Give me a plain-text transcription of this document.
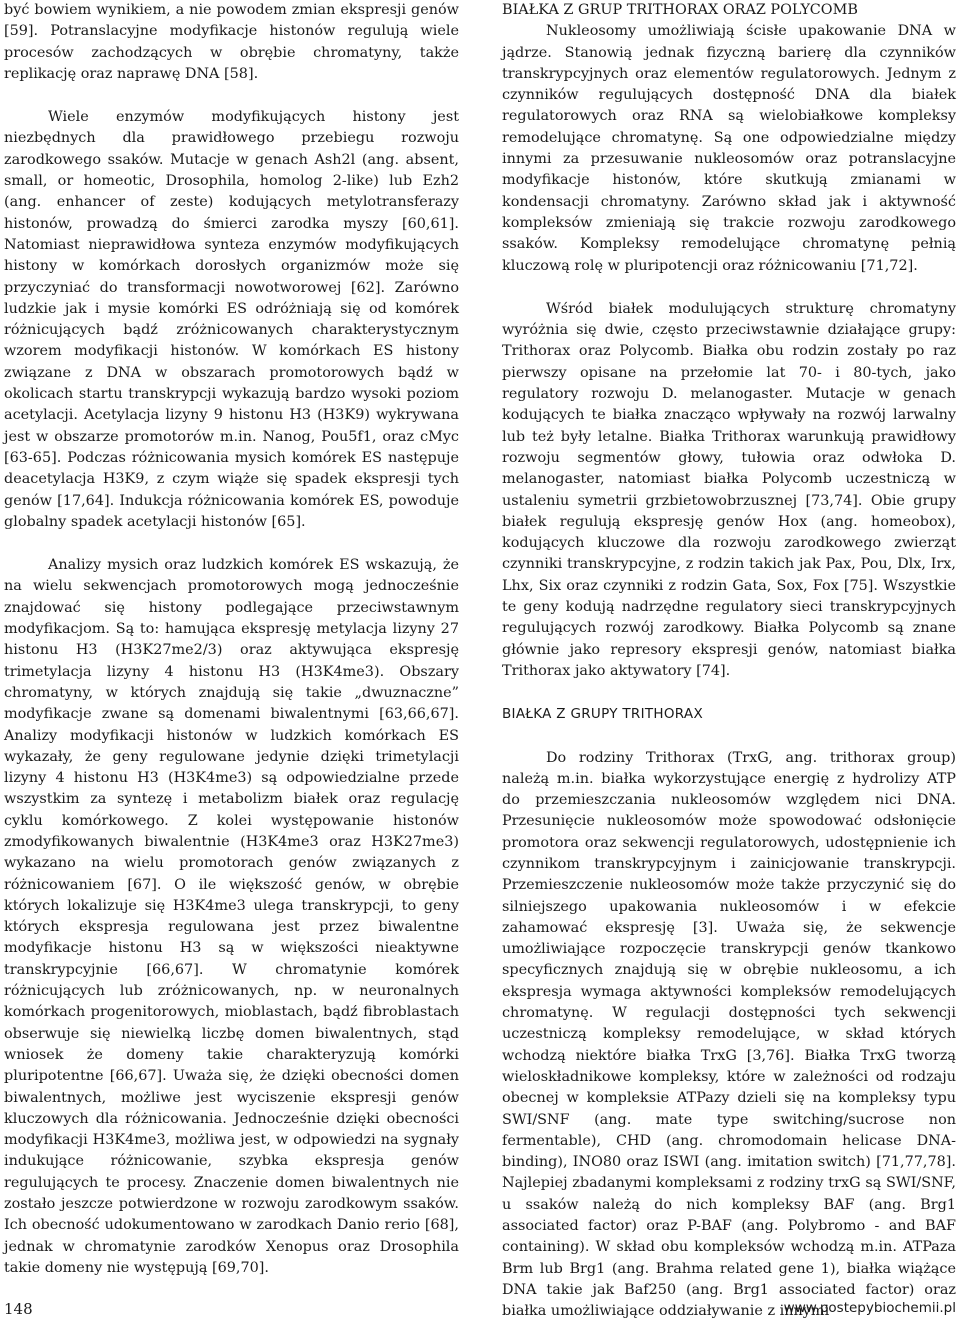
być bowiem wynikiem, a nie powodem zmian ekspresji genów [59]. Potranslacyjne modyfikacje histonów regulują wiele procesów zachodzących w obrębie chromatyny, także replikację oraz naprawę DNA [58].

Wiele enzymów modyfikujących histony jest niezbędnych dla prawidłowego przebiegu rozwoju zarodkowego ssaków. Mutacje w genach Ash2l (ang. absent, small, or homeotic, Drosophila, homolog 2-like) lub Ezh2 (ang. enhancer of zeste) kodujących metylotransferazy histonów, prowadzą do śmierci zarodka myszy [60,61]. Natomiast nieprawidłowa synteza enzymów modyfikujących histony w komórkach dorosłych organizmów może się przyczyniać do transformacji nowotworowej [62]. Zarówno ludzkie jak i mysie komórki ES odróżniają się od komórek różnicujących bądź zróżnicowanych charakterystycznym wzorem modyfikacji histonów. W komórkach ES histony związane z DNA w obszarach promotorowych bądź w okolicach startu transkrypcji wykazują bardzo wysoki poziom acetylacji. Acetylacja lizyny 9 histonu H3 (H3K9) wykrywana jest w obszarze promotorów m.in. Nanog, Pou5f1, oraz cMyc [63-65]. Podczas różnicowania mysich komórek ES następuje deacetylacja H3K9, z czym wiąże się spadek ekspresji tych genów [17,64]. Indukcja różnicowania komórek ES, powoduje globalny spadek acetylacji histonów [65].

Analizy mysich oraz ludzkich komórek ES wskazują, że na wielu sekwencjach promotorowych mogą jednocześnie znajdować się histony podlegające przeciwstawnym modyfikacjom. Są to: hamująca ekspresję metylacja lizyny 27 histonu H3 (H3K27me2/3) oraz aktywująca ekspresję trimetylacja lizyny 4 histonu H3 (H3K4me3). Obszary chromatyny, w których znajdują się takie „dwuznaczne” modyfikacje zwane są domenami biwalentnymi [63,66,67]. Analizy modyfikacji histonów w ludzkich komórkach ES wykazały, że geny regulowane jedynie dzięki trimetylacji lizyny 4 histonu H3 (H3K4me3) są odpowiedzialne przede wszystkim za syntezę i metabolizm białek oraz regulację cyklu komórkowego. Z kolei występowanie histonów zmodyfikowanych biwalentnie (H3K4me3 oraz H3K27me3) wykazano na wielu promotorach genów związanych z różnicowaniem [67]. O ile większość genów, w obrębie których lokalizuje się H3K4me3 ulega transkrypcji, to geny których ekspresja regulowana jest przez biwalentne modyfikacje histonu H3 są w większości nieaktywne transkrypcyjnie [66,67]. W chromatynie komórek różnicujących lub zróżnicowanych, np. w neuronalnych komórkach progenitorowych, mioblastach, bądź fibroblastach obserwuje się niewielką liczbę domen biwalentnych, stąd wniosek że domeny takie charakteryzują komórki pluripotentne [66,67]. Uważa się, że dzięki obecności domen biwalentnych, możliwe jest wyciszenie ekspresji genów kluczowych dla różnicowania. Jednocześnie dzięki obecności modyfikacji H3K4me3, możliwa jest, w odpowiedzi na sygnały indukujące różnicowanie, szybka ekspresja genów regulujących te procesy. Znaczenie domen biwalentnych nie zostało jeszcze potwierdzone w rozwoju zarodkowym ssaków. Ich obecność udokumentowano w zarodkach Danio rerio [68], jednak w chromatynie zarodków Xenopus oraz Drosophila takie domeny nie występują [69,70].

BIAŁKA Z GRUP TRITHORAX ORAZ POLYCOMB

Nukleosomy umożliwiają ścisłe upakowanie DNA w jądrze. Stanowią jednak fizyczną barierę dla czynników transkrypcyjnych oraz elementów regulatorowych. Jednym z czynników regulujących dostępność DNA dla białek regulatorowych oraz RNA są wielobiałkowe kompleksy remodelujące chromatynę. Są one odpowiedzialne między innymi za przesuwanie nukleosomów oraz potranslacyjne modyfikacje histonów, które skutkują zmianami w kondensacji chromatyny. Zarówno skład jak i aktywność kompleksów zmieniają się trakcie rozwoju zarodkowego ssaków. Kompleksy remodelujące chromatynę pełnią kluczową rolę w pluripotencji oraz różnicowaniu [71,72].

Wśród białek modulujących strukturę chromatyny wyróżnia się dwie, często przeciwstawnie działające grupy: Trithorax oraz Polycomb. Białka obu rodzin zostały po raz pierwszy opisane na przełomie lat 70- i 80-tych, jako regulatory rozwoju D. melanogaster. Mutacje w genach kodujących te białka znacząco wpływały na rozwój larwalny lub też były letalne. Białka Trithorax warunkują prawidłowy rozwoju segmentów głowy, tułowia oraz odwłoka D. melanogaster, natomiast białka Polycomb uczestniczą w ustaleniu symetrii grzbietowobrzusznej [73,74]. Obie grupy białek regulują ekspresję genów Hox (ang. homeobox), kodujących kluczowe dla rozwoju zarodkowego zwierząt czynniki transkrypcyjne, z rodzin takich jak Pax, Pou, Dlx, Irx, Lhx, Six oraz czynniki z rodzin Gata, Sox, Fox [75]. Wszystkie te geny kodują nadrzędne regulatory sieci transkrypcyjnych regulujących rozwój zarodkowy. Białka Polycomb są znane głównie jako represory ekspresji genów, natomiast białka Trithorax jako aktywatory [74].

BIAŁKA Z GRUPY TRITHORAX

Do rodziny Trithorax (TrxG, ang. trithorax group) należą m.in. białka wykorzystujące energię z hydrolizy ATP do przemieszczania nukleosomów względem nici DNA. Przesunięcie nukleosomów może spowodować odsłonięcie promotora oraz sekwencji regulatorowych, udostępnienie ich czynnikom transkrypcyjnym i zainicjowanie transkrypcji. Przemieszczenie nukleosomów może także przyczynić się do silniejszego upakowania nukleosomów i w efekcie zahamować ekspresję [3]. Uważa się, że sekwencje umożliwiające rozpoczęcie transkrypcji genów tkankowo specyficznych znajdują się w obrębie nukleosomu, a ich ekspresja wymaga aktywności kompleksów remodelujących chromatynę. W regulacji dostępności tych sekwencji uczestniczą kompleksy remodelujące, w skład których wchodzą niektóre białka TrxG [3,76]. Białka TrxG tworzą wieloskładnikowe kompleksy, które w zależności od rodzaju obecnej w kompleksie ATPazy dzieli się na kompleksy typu SWI/SNF (ang. mate type switching/sucrose non fermentable), CHD (ang. chromodomain helicase DNA-binding), INO80 oraz ISWI (ang. imitation switch) [71,77,78]. Najlepiej zbadanymi kompleksami z rodziny trxG są SWI/SNF, u ssaków należą do nich kompleksy BAF (ang. Brg1 associated factor) oraz P-BAF (ang. Polybromo - and BAF containing). W skład obu kompleksów wchodzą m.in. ATPaza Brm lub Brg1 (ang. Brahma related gene 1), białka wiążące DNA takie jak Baf250 (ang. Brg1 associated factor) oraz białka umożliwiające oddziaływanie z innymi

148	www.postepybiochemii.pl
